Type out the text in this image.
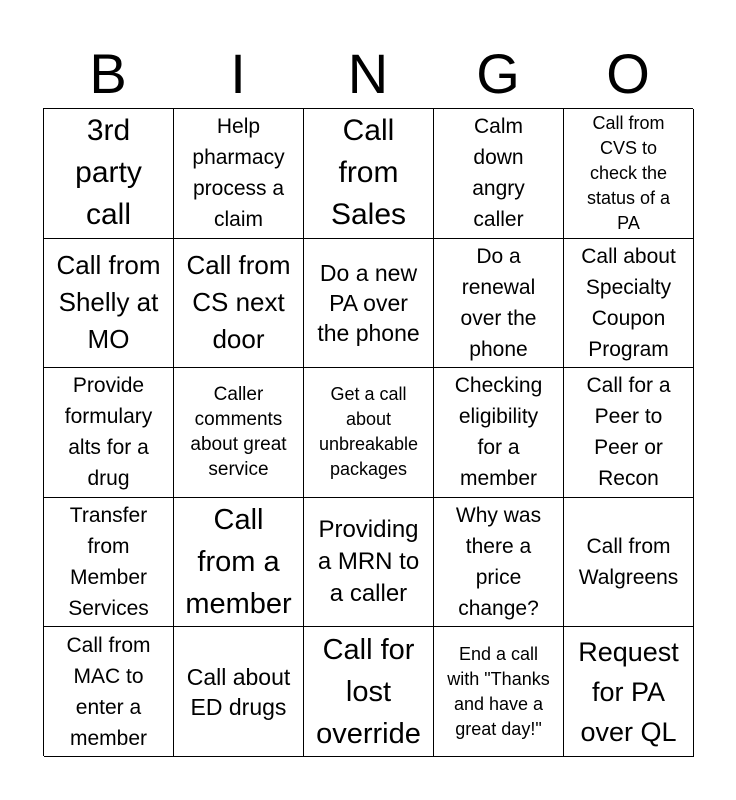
B	I	N	G	O
3rd
party
call
Help
pharmacy
process a
claim
Call
from
Sales
Calm
down
angry
caller
Call from
CVS to
check the
status of a
PA
Call from
Shelly at
MO
Call from
CS next
door
Do a new
PA over
the phone
Do a
renewal
over the
phone
Call about
Specialty
Coupon
Program
Provide
formulary
alts for a
drug
Caller
comments
about great
service
Get a call
about
unbreakable
packages
Checking
eligibility
for a
member
Call for a
Peer to
Peer or
Recon
Transfer
from
Member
Services
Call
from a
member
Providing
a MRN to
a caller
Why was
there a
price
change?
Call from
Walgreens
Call from
MAC to
enter a
member
Call about
ED drugs
Call for
lost
override
End a call
with "Thanks
and have a
great day!"
Request
for PA
over QL
